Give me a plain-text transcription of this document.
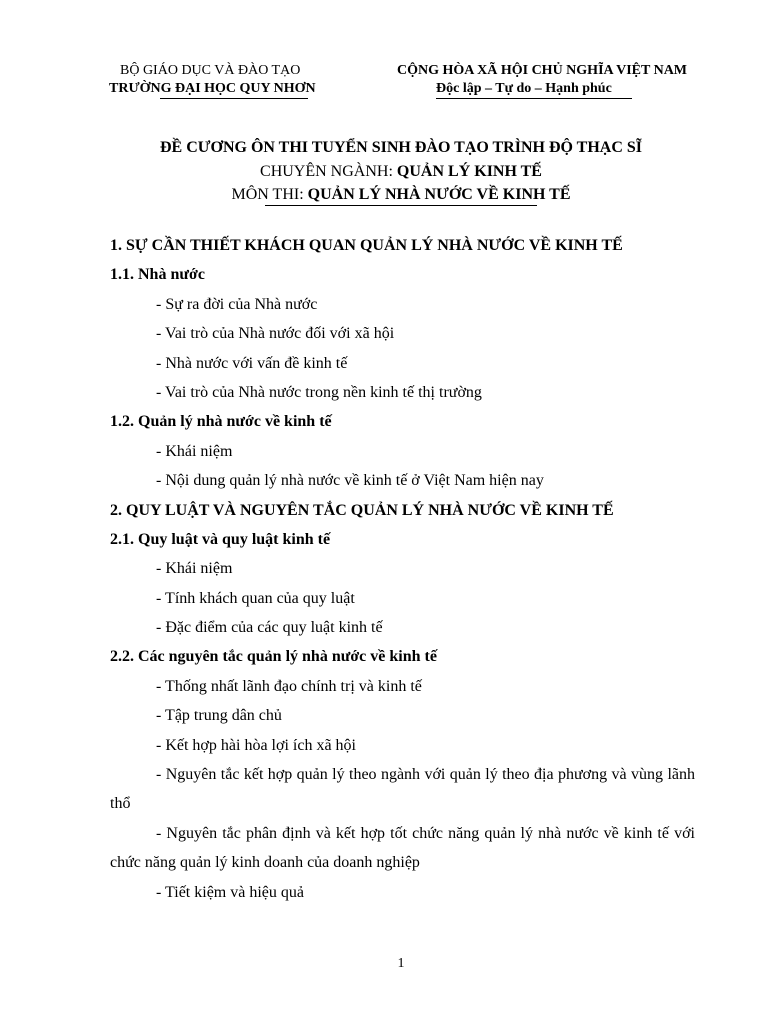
BỘ GIÁO DỤC VÀ ĐÀO TẠO
TRƯỜNG ĐẠI HỌC QUY NHƠN
CỘNG HÒA XÃ HỘI CHỦ NGHĨA VIỆT NAM
Độc lập – Tự do – Hạnh phúc
ĐỀ CƯƠNG ÔN THI TUYỂN SINH ĐÀO TẠO TRÌNH ĐỘ THẠC SĨ
CHUYÊN NGÀNH: QUẢN LÝ KINH TẾ
MÔN THI: QUẢN LÝ NHÀ NƯỚC VỀ KINH TẾ
1. SỰ CẦN THIẾT KHÁCH QUAN QUẢN LÝ NHÀ NƯỚC VỀ KINH TẾ
1.1. Nhà nước
- Sự ra đời của Nhà nước
- Vai trò của Nhà nước đối với xã hội
- Nhà nước với vấn đề kinh tế
- Vai trò của Nhà nước trong nền kinh tế thị trường
1.2. Quản lý nhà nước về kinh tế
- Khái niệm
- Nội dung quản lý nhà nước về kinh tế ở Việt Nam hiện nay
2. QUY LUẬT VÀ NGUYÊN TẮC QUẢN LÝ NHÀ NƯỚC VỀ KINH TẾ
2.1. Quy luật và quy luật kinh tế
- Khái niệm
- Tính khách quan của quy luật
- Đặc điểm của các quy luật kinh tế
2.2. Các nguyên tắc quản lý nhà nước về kinh tế
- Thống nhất lãnh đạo chính trị và kinh tế
- Tập trung dân chủ
- Kết hợp hài hòa lợi ích xã hội
- Nguyên tắc kết hợp quản lý theo ngành với quản lý theo địa phương và vùng lãnh thổ
- Nguyên tắc phân định và kết hợp tốt chức năng quản lý nhà nước về kinh tế với chức năng quản lý kinh doanh của doanh nghiệp
- Tiết kiệm và hiệu quả
1
